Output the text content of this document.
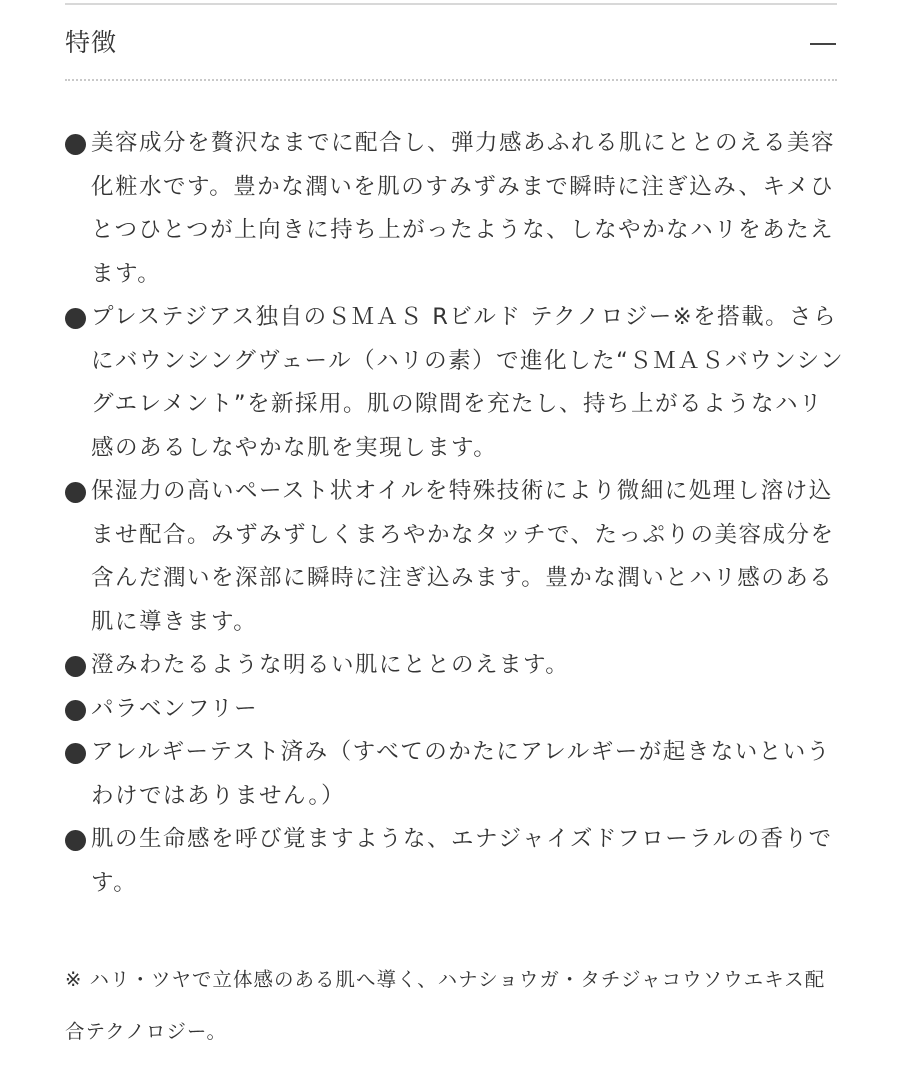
特徴
美容成分を贅沢なまでに配合し、弾力感あふれる肌にととのえる美容化粧水です。豊かな潤いを肌のすみずみまで瞬時に注ぎ込み、キメひとつひとつが上向きに持ち上がったような、しなやかなハリをあたえます。
プレステジアス独自のＳＭＡＳ Rビルド テクノロジー※を搭載。さらにバウンシングヴェール（ハリの素）で進化した“ＳＭＡＳバウンシングエレメント”を新採用。肌の隙間を充たし、持ち上がるようなハリ感のあるしなやかな肌を実現します。
保湿力の高いペースト状オイルを特殊技術により微細に処理し溶け込ませ配合。みずみずしくまろやかなタッチで、たっぷりの美容成分を含んだ潤いを深部に瞬時に注ぎ込みます。豊かな潤いとハリ感のある肌に導きます。
澄みわたるような明るい肌にととのえます。
パラベンフリー
アレルギーテスト済み（すべてのかたにアレルギーが起きないというわけではありません。）
肌の生命感を呼び覚ますような、エナジャイズドフローラルの香りです。
※ ハリ・ツヤで立体感のある肌へ導く、ハナショウガ・タチジャコウソウエキス配合テクノロジー。
